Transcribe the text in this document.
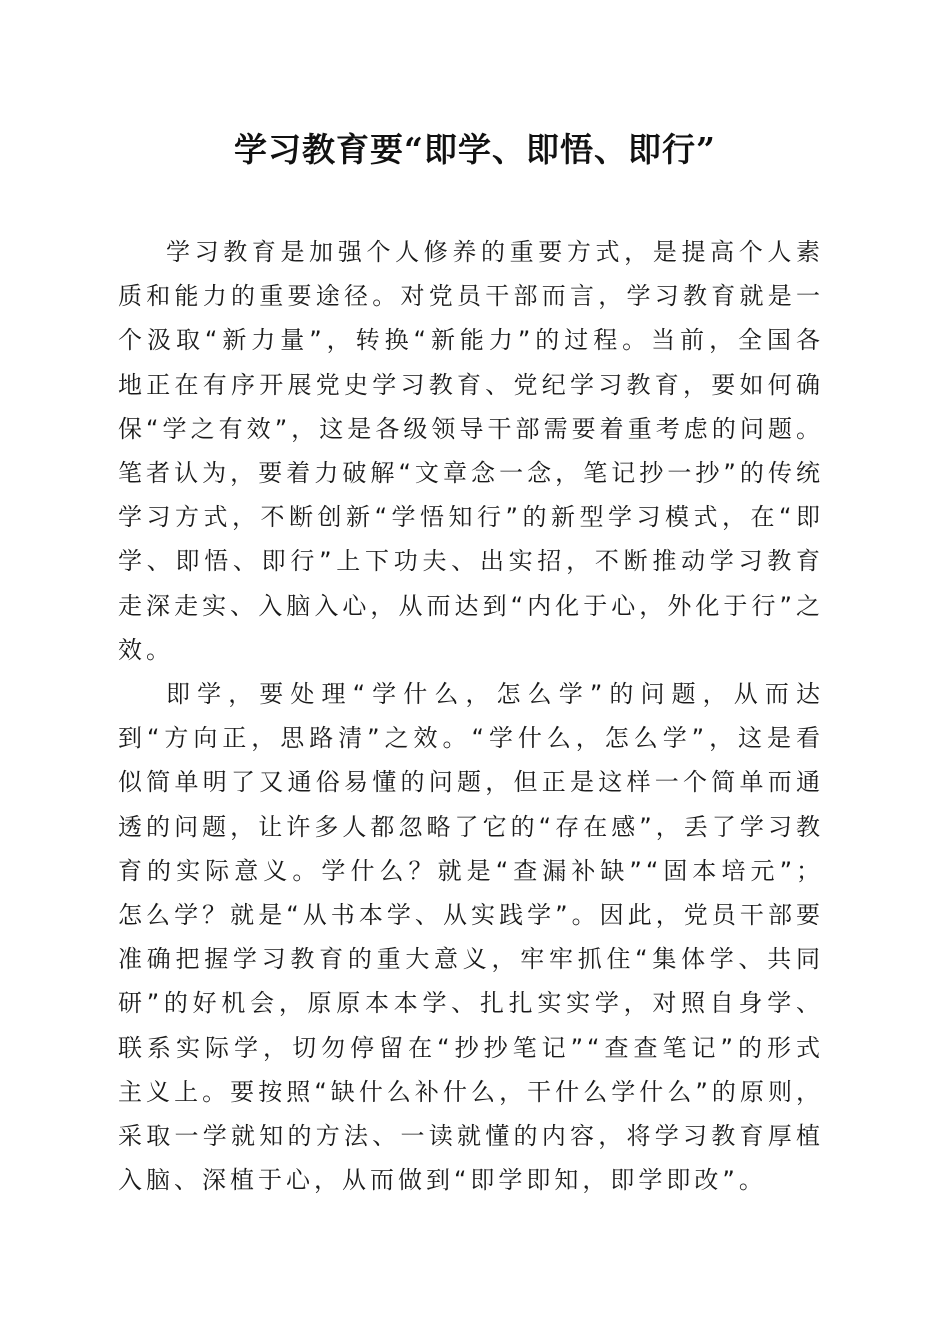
学习教育要“即学、即悟、即行”

学习教育是加强个人修养的重要方式，是提高个人素质和能力的重要途径。对党员干部而言，学习教育就是一个汲取“新力量”，转换“新能力”的过程。当前，全国各地正在有序开展党史学习教育、党纪学习教育，要如何确保“学之有效”，这是各级领导干部需要着重考虑的问题。笔者认为，要着力破解“文章念一念，笔记抄一抄”的传统学习方式，不断创新“学悟知行”的新型学习模式，在“即学、即悟、即行”上下功夫、出实招，不断推动学习教育走深走实、入脑入心，从而达到“内化于心，外化于行”之效。

即学，要处理“学什么，怎么学”的问题，从而达到“方向正，思路清”之效。“学什么，怎么学”，这是看似简单明了又通俗易懂的问题，但正是这样一个简单而通透的问题，让许多人都忽略了它的“存在感”，丢了学习教育的实际意义。学什么？就是“查漏补缺”“固本培元”；怎么学？就是“从书本学、从实践学”。因此，党员干部要准确把握学习教育的重大意义，牢牢抓住“集体学、共同研”的好机会，原原本本学、扎扎实实学，对照自身学、联系实际学，切勿停留在“抄抄笔记”“查查笔记”的形式主义上。要按照“缺什么补什么，干什么学什么”的原则，采取一学就知的方法、一读就懂的内容，将学习教育厚植入脑、深植于心，从而做到“即学即知，即学即改”。
